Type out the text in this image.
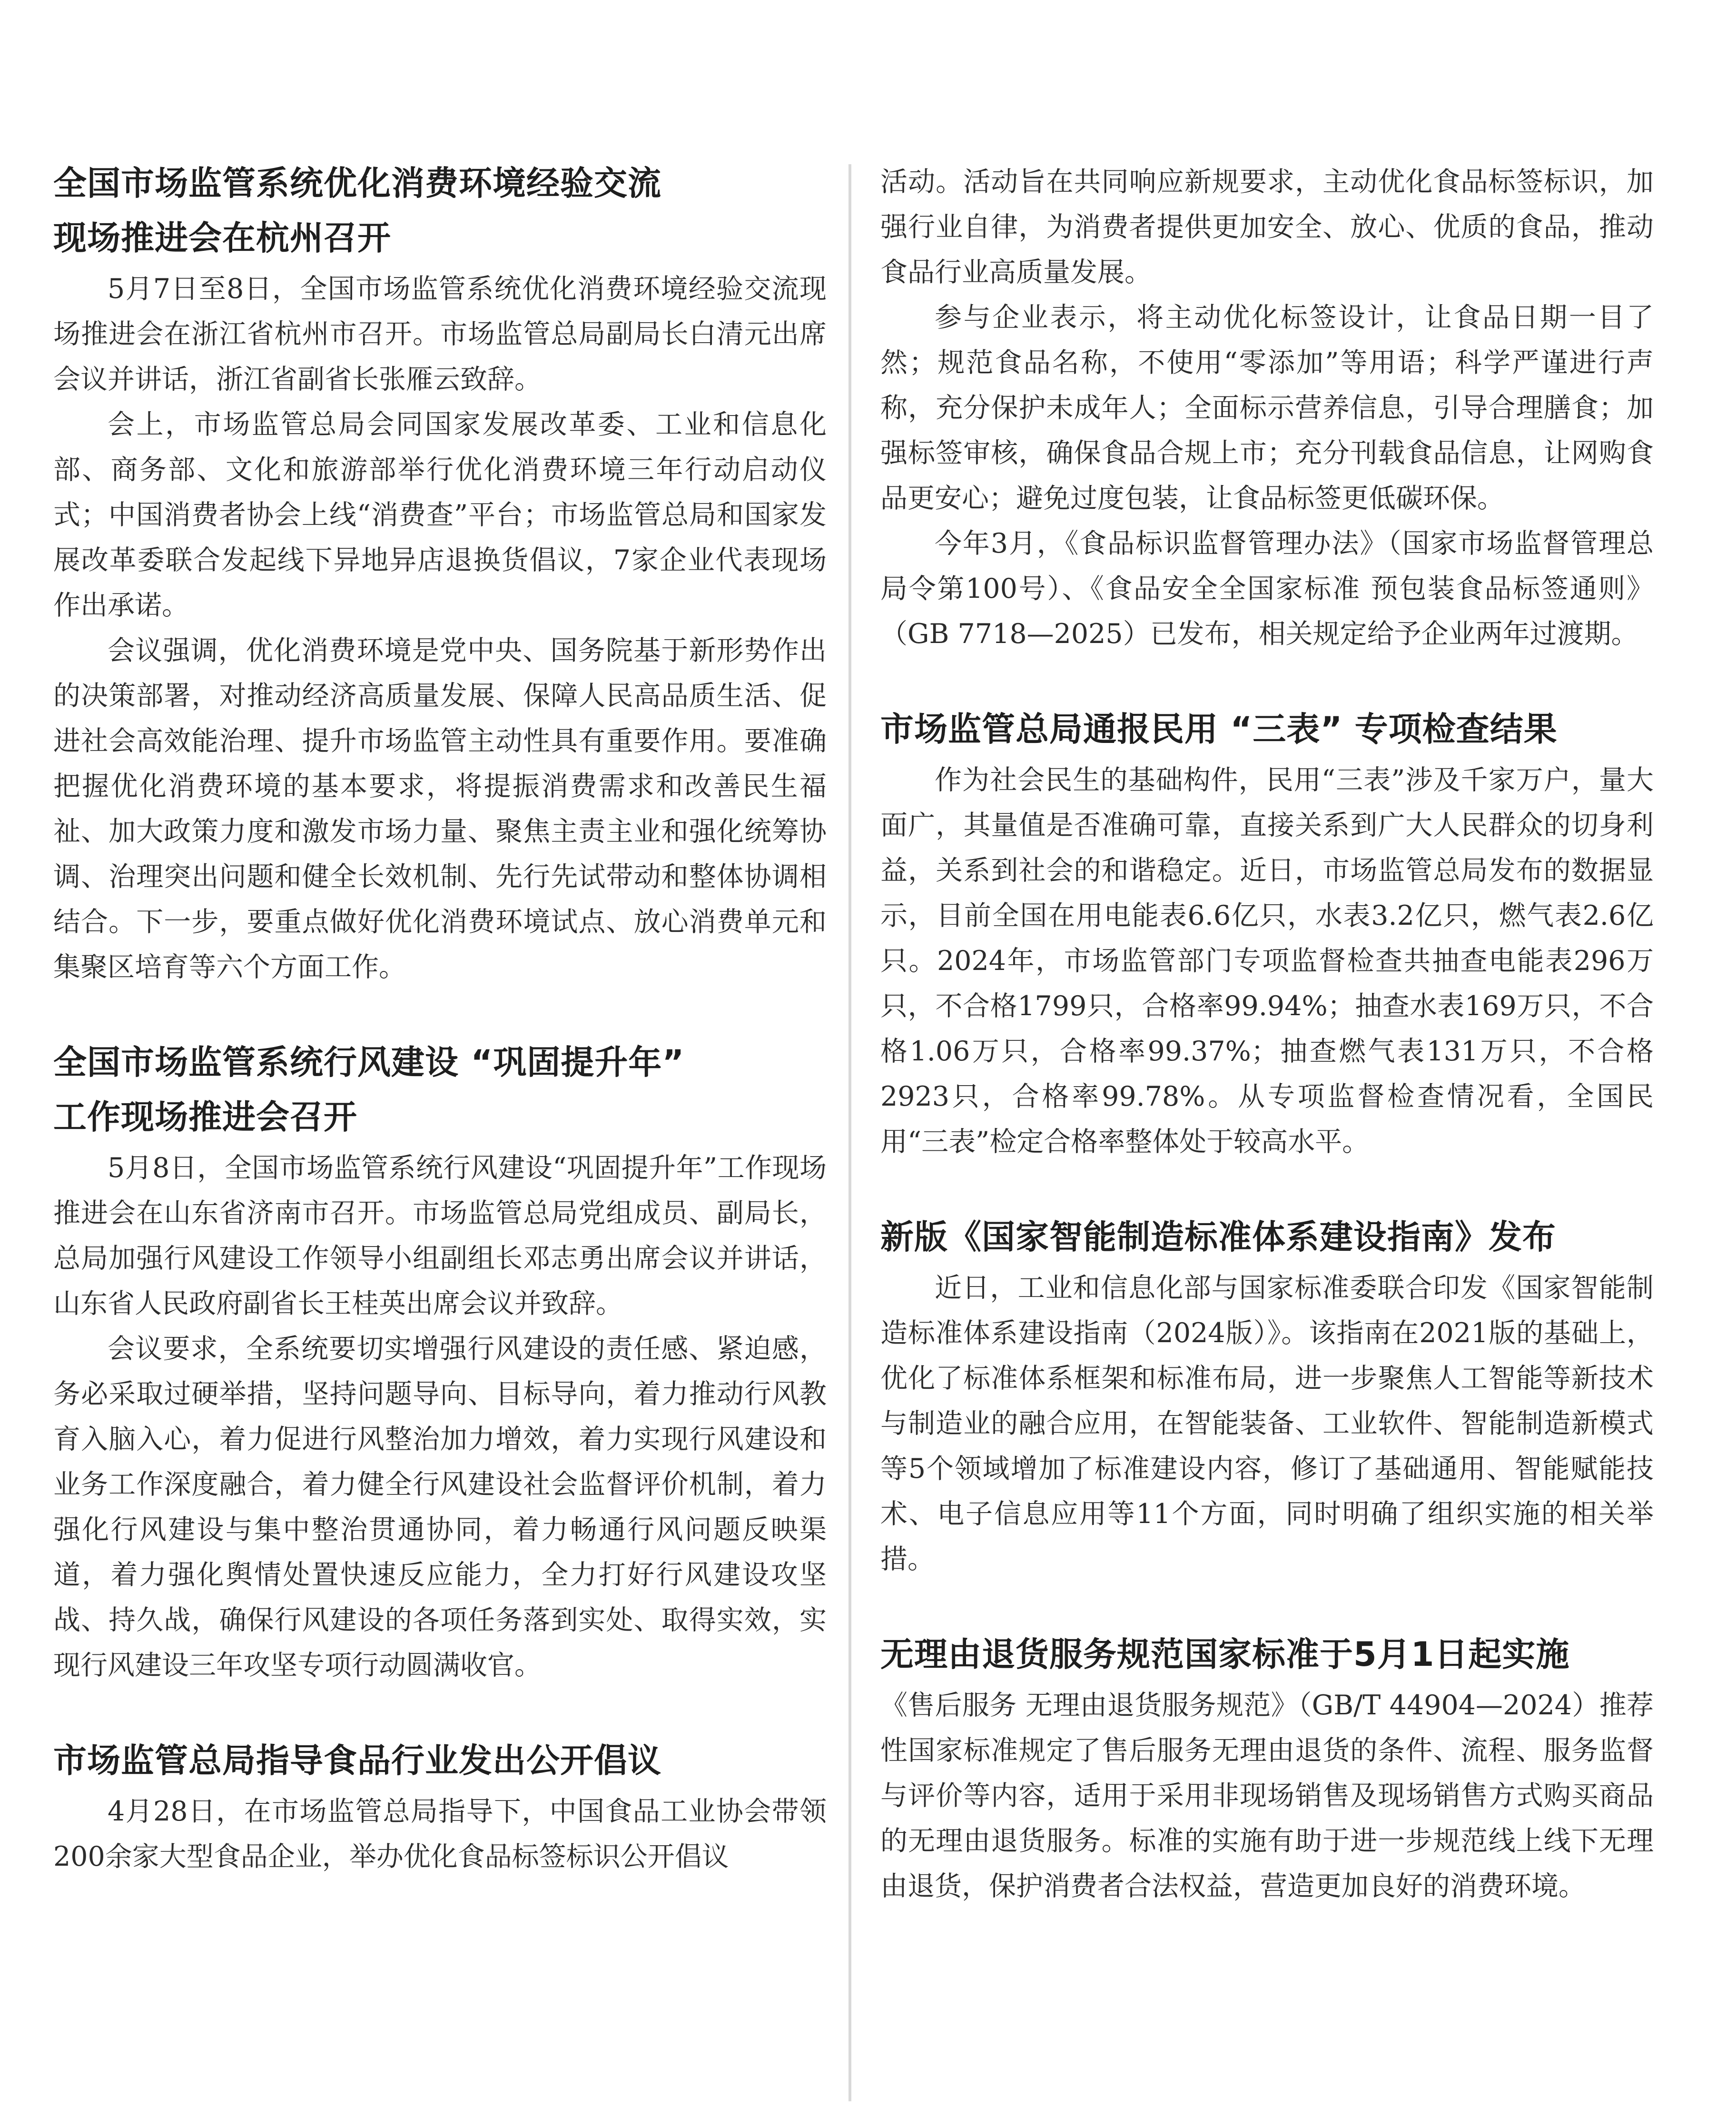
全国市场监管系统优化消费环境经验交流
现场推进会在杭州召开

5月7日至8日，全国市场监管系统优化消费环境经验交流现场推进会在浙江省杭州市召开。市场监管总局副局长白清元出席会议并讲话，浙江省副省长张雁云致辞。

会上，市场监管总局会同国家发展改革委、工业和信息化部、商务部、文化和旅游部举行优化消费环境三年行动启动仪式；中国消费者协会上线“消费查”平台；市场监管总局和国家发展改革委联合发起线下异地异店退换货倡议，7家企业代表现场作出承诺。

会议强调，优化消费环境是党中央、国务院基于新形势作出的决策部署，对推动经济高质量发展、保障人民高品质生活、促进社会高效能治理、提升市场监管主动性具有重要作用。要准确把握优化消费环境的基本要求，将提振消费需求和改善民生福祉、加大政策力度和激发市场力量、聚焦主责主业和强化统筹协调、治理突出问题和健全长效机制、先行先试带动和整体协调相结合。下一步，要重点做好优化消费环境试点、放心消费单元和集聚区培育等六个方面工作。

全国市场监管系统行风建设 “巩固提升年”
工作现场推进会召开

5月8日，全国市场监管系统行风建设“巩固提升年”工作现场推进会在山东省济南市召开。市场监管总局党组成员、副局长，总局加强行风建设工作领导小组副组长邓志勇出席会议并讲话，山东省人民政府副省长王桂英出席会议并致辞。

会议要求，全系统要切实增强行风建设的责任感、紧迫感，务必采取过硬举措，坚持问题导向、目标导向，着力推动行风教育入脑入心，着力促进行风整治加力增效，着力实现行风建设和业务工作深度融合，着力健全行风建设社会监督评价机制，着力强化行风建设与集中整治贯通协同，着力畅通行风问题反映渠道，着力强化舆情处置快速反应能力，全力打好行风建设攻坚战、持久战，确保行风建设的各项任务落到实处、取得实效，实现行风建设三年攻坚专项行动圆满收官。

市场监管总局指导食品行业发出公开倡议

4月28日，在市场监管总局指导下，中国食品工业协会带领200余家大型食品企业，举办优化食品标签标识公开倡议

活动。活动旨在共同响应新规要求，主动优化食品标签标识，加强行业自律，为消费者提供更加安全、放心、优质的食品，推动食品行业高质量发展。

参与企业表示，将主动优化标签设计，让食品日期一目了然；规范食品名称，不使用“零添加”等用语；科学严谨进行声称，充分保护未成年人；全面标示营养信息，引导合理膳食；加强标签审核，确保食品合规上市；充分刊载食品信息，让网购食品更安心；避免过度包装，让食品标签更低碳环保。

今年3月，《食品标识监督管理办法》（国家市场监督管理总局令第100号）、《食品安全全国家标准 预包装食品标签通则》（GB 7718—2025）已发布，相关规定给予企业两年过渡期。

市场监管总局通报民用 “三表” 专项检查结果

作为社会民生的基础构件，民用“三表”涉及千家万户，量大面广，其量值是否准确可靠，直接关系到广大人民群众的切身利益，关系到社会的和谐稳定。近日，市场监管总局发布的数据显示，目前全国在用电能表6.6亿只，水表3.2亿只，燃气表2.6亿只。2024年，市场监管部门专项监督检查共抽查电能表296万只，不合格1799只，合格率99.94%；抽查水表169万只，不合格1.06万只，合格率99.37%；抽查燃气表131万只，不合格2923只，合格率99.78%。从专项监督检查情况看，全国民用“三表”检定合格率整体处于较高水平。

新版《国家智能制造标准体系建设指南》发布

近日，工业和信息化部与国家标准委联合印发《国家智能制造标准体系建设指南（2024版）》。该指南在2021版的基础上，优化了标准体系框架和标准布局，进一步聚焦人工智能等新技术与制造业的融合应用，在智能装备、工业软件、智能制造新模式等5个领域增加了标准建设内容，修订了基础通用、智能赋能技术、电子信息应用等11个方面，同时明确了组织实施的相关举措。

无理由退货服务规范国家标准于5月1日起实施

《售后服务 无理由退货服务规范》（GB/T 44904—2024）推荐性国家标准规定了售后服务无理由退货的条件、流程、服务监督与评价等内容，适用于采用非现场销售及现场销售方式购买商品的无理由退货服务。标准的实施有助于进一步规范线上线下无理由退货，保护消费者合法权益，营造更加良好的消费环境。
